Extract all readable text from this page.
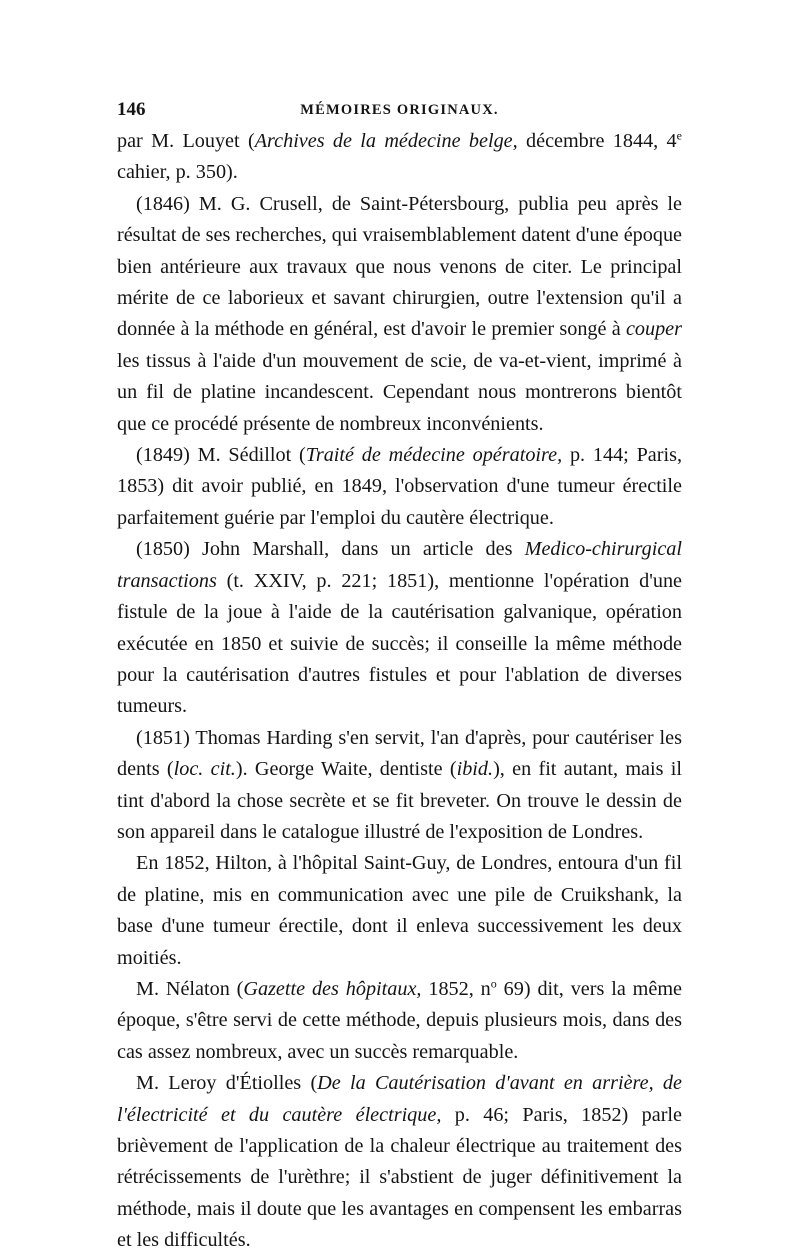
146	MÉMOIRES ORIGINAUX.

par M. Louyet (Archives de la médecine belge, décembre 1844, 4e cahier, p. 350).

(1846) M. G. Crusell, de Saint-Pétersbourg, publia peu après le résultat de ses recherches, qui vraisemblablement datent d'une époque bien antérieure aux travaux que nous venons de citer. Le principal mérite de ce laborieux et savant chirurgien, outre l'extension qu'il a donnée à la méthode en général, est d'avoir le premier songé à couper les tissus à l'aide d'un mouvement de scie, de va-et-vient, imprimé à un fil de platine incandescent. Cependant nous montrerons bientôt que ce procédé présente de nombreux inconvénients.

(1849) M. Sédillot (Traité de médecine opératoire, p. 144; Paris, 1853) dit avoir publié, en 1849, l'observation d'une tumeur érectile parfaitement guérie par l'emploi du cautère électrique.

(1850) John Marshall, dans un article des Medico-chirurgical transactions (t. XXIV, p. 221; 1851), mentionne l'opération d'une fistule de la joue à l'aide de la cautérisation galvanique, opération exécutée en 1850 et suivie de succès; il conseille la même méthode pour la cautérisation d'autres fistules et pour l'ablation de diverses tumeurs.

(1851) Thomas Harding s'en servit, l'an d'après, pour cautériser les dents (loc. cit.). George Waite, dentiste (ibid.), en fit autant, mais il tint d'abord la chose secrète et se fit breveter. On trouve le dessin de son appareil dans le catalogue illustré de l'exposition de Londres.

En 1852, Hilton, à l'hôpital Saint-Guy, de Londres, entoura d'un fil de platine, mis en communication avec une pile de Cruikshank, la base d'une tumeur érectile, dont il enleva successivement les deux moitiés.

M. Nélaton (Gazette des hôpitaux, 1852, $n^o$ 69) dit, vers la même époque, s'être servi de cette méthode, depuis plusieurs mois, dans des cas assez nombreux, avec un succès remarquable.

M. Leroy d'Étiolles (De la Cautérisation d'avant en arrière, de l'électricité et du cautère électrique, p. 46; Paris, 1852) parle brièvement de l'application de la chaleur électrique au traitement des rétrécissements de l'urèthre; il s'abstient de juger définitivement la méthode, mais il doute que les avantages en compensent les embarras et les difficultés.
